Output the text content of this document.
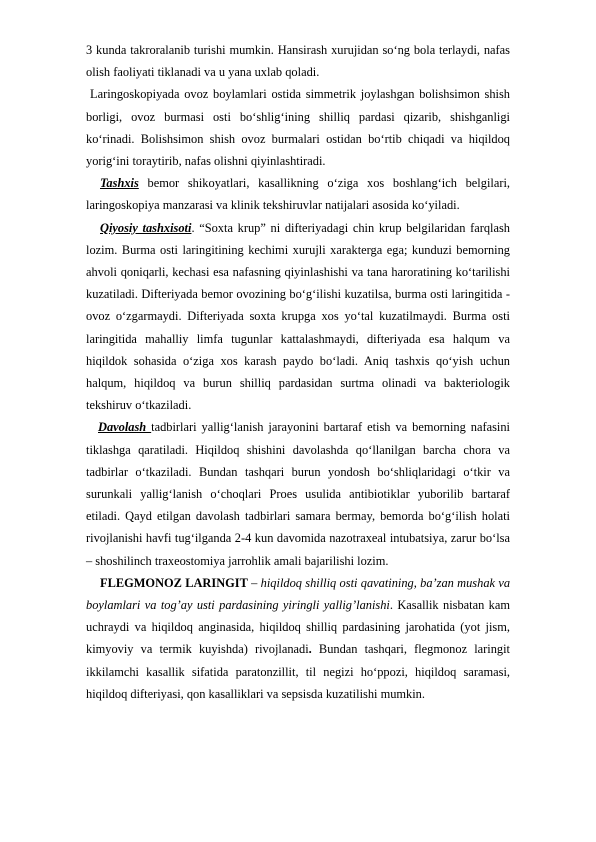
3 kunda takroralanib turishi mumkin. Hansirash xurujidan so‘ng bola terlaydi, nafas olish faoliyati tiklanadi va u yana uxlab qoladi.

Laringoskopiyada ovoz boylamlari ostida simmetrik joylashgan bolishsimon shish borligi, ovoz burmasi osti bo‘shlig‘ining shilliq pardasi qizarib, shishganligi ko‘rinadi. Bolishsimon shish ovoz burmalari ostidan bo‘rtib chiqadi va hiqildoq yorig‘ini toraytirib, nafas olishni qiyinlashtiradi.

Tashxis bemor shikoyatlari, kasallikning o‘ziga xos boshlang‘ich belgilari, laringoskopiya manzarasi va klinik tekshiruvlar natijalari asosida ko‘yiladi.

Qiyosiy tashxisoti. “Soxta krup” ni difteriyadagi chin krup belgilaridan farqlash lozim. Burma osti laringitining kechimi xurujli xarakterga ega; kunduzi bemorning ahvoli qoniqarli, kechasi esa nafasning qiyinlashishi va tana haroratining ko‘tarilishi kuzatiladi. Difteriyada bemor ovozining bo‘g‘ilishi kuzatilsa, burma osti laringitida - ovoz o‘zgarmaydi. Difteriyada soxta krupga xos yo‘tal kuzatilmaydi. Burma osti laringitida mahalliy limfa tugunlar kattalashmaydi, difteriyada esa halqum va hiqildok sohasida o‘ziga xos karash paydo bo‘ladi. Aniq tashxis qo‘yish uchun halqum, hiqildoq va burun shilliq pardasidan surtma olinadi va bakteriologik tekshiruv o‘tkaziladi.

Davolash tadbirlari yallig‘lanish jarayonini bartaraf etish va bemorning nafasini tiklashga qaratiladi. Hiqildoq shishini davolashda qo‘llanilgan barcha chora va tadbirlar o‘tkaziladi. Bundan tashqari burun yondosh bo‘shliqlaridagi o‘tkir va surunkali yallig‘lanish o‘choqlari Proes usulida antibiotiklar yuborilib bartaraf etiladi. Qayd etilgan davolash tadbirlari samara bermay, bemorda bo‘g‘ilish holati rivojlanishi havfi tug‘ilganda 2-4 kun davomida nazotraxeal intubatsiya, zarur bo‘lsa – shoshilinch traxeostomiya jarrohlik amali bajarilishi lozim.

FLEGMONOZ LARINGIT – hiqildoq shilliq osti qavatining, ba’zan mushak va boylamlari va tog’ay usti pardasining yiringli yallig’lanishi. Kasallik nisbatan kam uchraydi va hiqildoq anginasida, hiqildoq shilliq pardasining jarohatida (yot jism, kimyoviy va termik kuyishda) rivojlanadi. Bundan tashqari, flegmonoz laringit ikkilamchi kasallik sifatida paratonzillit, til negizi ho‘ppozi, hiqildoq saramasi, hiqildoq difteriyasi, qon kasalliklari va sepsisda kuzatilishi mumkin.
